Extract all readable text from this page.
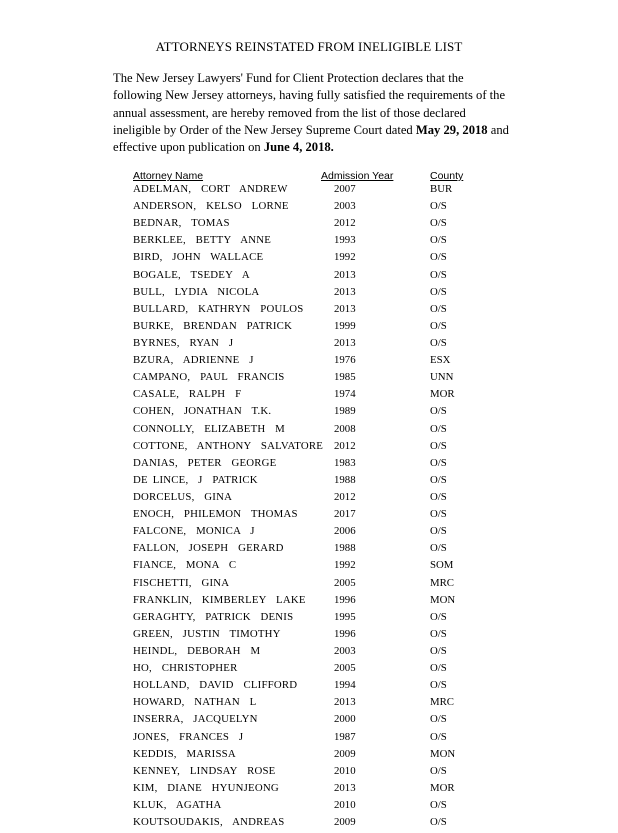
ATTORNEYS REINSTATED FROM INELIGIBLE LIST
The New Jersey Lawyers' Fund for Client Protection declares that the following New Jersey attorneys, having fully satisfied the requirements of the annual assessment, are hereby removed from the list of those declared ineligible by Order of the New Jersey Supreme Court dated May 29, 2018 and effective upon publication on June 4, 2018.
Attorney Name	Admission Year	County
ADELMAN,  CORT  ANDREW	2007	BUR
ANDERSON,  KELSO  LORNE	2003	O/S
BEDNAR,  TOMAS	2012	O/S
BERKLEE,  BETTY  ANNE	1993	O/S
BIRD,  JOHN  WALLACE	1992	O/S
BOGALE,  TSEDEY  A	2013	O/S
BULL,  LYDIA  NICOLA	2013	O/S
BULLARD,  KATHRYN  POULOS	2013	O/S
BURKE,  BRENDAN  PATRICK	1999	O/S
BYRNES,  RYAN  J	2013	O/S
BZURA,  ADRIENNE  J	1976	ESX
CAMPANO,  PAUL  FRANCIS	1985	UNN
CASALE,  RALPH  F	1974	MOR
COHEN,  JONATHAN  T.K.	1989	O/S
CONNOLLY,  ELIZABETH  M	2008	O/S
COTTONE,  ANTHONY  SALVATORE 2012	O/S
DANIAS,  PETER  GEORGE	1983	O/S
DE LINCE,  J  PATRICK	1988	O/S
DORCELUS,  GINA	2012	O/S
ENOCH,  PHILEMON  THOMAS	2017	O/S
FALCONE,  MONICA  J	2006	O/S
FALLON,  JOSEPH  GERARD	1988	O/S
FIANCE,  MONA  C	1992	SOM
FISCHETTI,  GINA	2005	MRC
FRANKLIN,  KIMBERLEY  LAKE	1996	MON
GERAGHTY,  PATRICK  DENIS	1995	O/S
GREEN,  JUSTIN  TIMOTHY	1996	O/S
HEINDL,  DEBORAH  M	2003	O/S
HO,  CHRISTOPHER	2005	O/S
HOLLAND,  DAVID  CLIFFORD	1994	O/S
HOWARD,  NATHAN  L	2013	MRC
INSERRA,  JACQUELYN	2000	O/S
JONES,  FRANCES  J	1987	O/S
KEDDIS,  MARISSA	2009	MON
KENNEY,  LINDSAY  ROSE	2010	O/S
KIM,  DIANE  HYUNJEONG	2013	MOR
KLUK,  AGATHA	2010	O/S
KOUTSOUDAKIS,  ANDREAS	2009	O/S
